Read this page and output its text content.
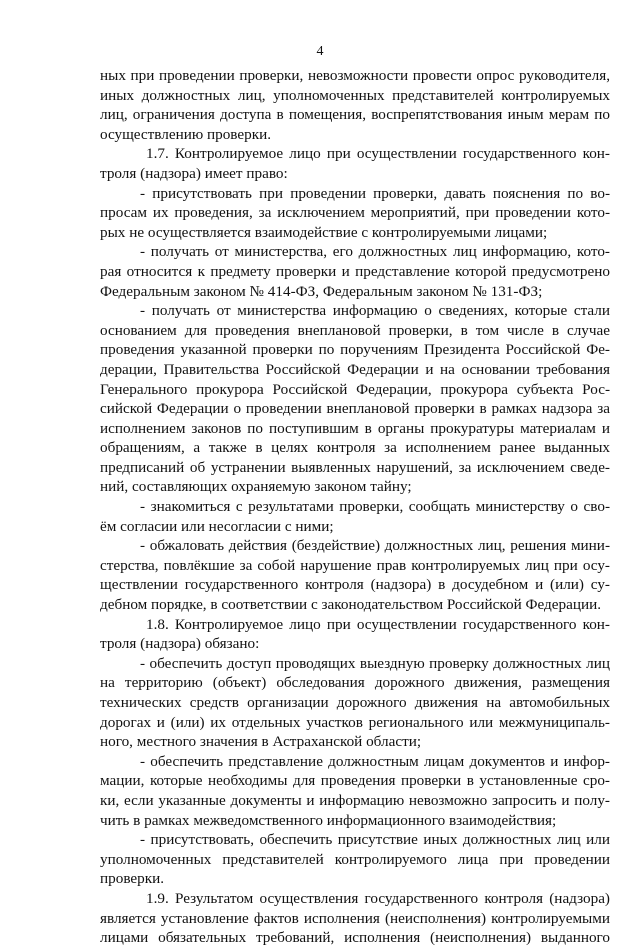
4
ных при проведении проверки, невозможности провести опрос руководителя,
иных должностных лиц, уполномоченных представителей контролируемых
лиц, ограничения доступа в помещения, воспрепятствования иным мерам по
осуществлению проверки.
1.7. Контролируемое лицо при осуществлении государственного кон-
троля (надзора) имеет право:
- присутствовать при проведении проверки, давать пояснения по во-
просам их проведения, за исключением мероприятий, при проведении кото-
рых не осуществляется взаимодействие с контролируемыми лицами;
- получать от министерства, его должностных лиц информацию, кото-
рая относится к предмету проверки и представление которой предусмотрено
Федеральным законом № 414-ФЗ, Федеральным законом № 131-ФЗ;
- получать от министерства информацию о сведениях, которые стали
основанием для проведения внеплановой проверки, в том числе в случае
проведения указанной проверки по поручениям Президента Российской Фе-
дерации, Правительства Российской Федерации и на основании требования
Генерального прокурора Российской Федерации, прокурора субъекта Рос-
сийской Федерации о проведении внеплановой проверки в рамках надзора за
исполнением законов по поступившим в органы прокуратуры материалам и
обращениям, а также в целях контроля за исполнением ранее выданных
предписаний об устранении выявленных нарушений, за исключением сведе-
ний, составляющих охраняемую законом тайну;
- знакомиться с результатами проверки, сообщать министерству о сво-
ём согласии или несогласии с ними;
- обжаловать действия (бездействие) должностных лиц, решения мини-
стерства, повлёкшие за собой нарушение прав контролируемых лиц при осу-
ществлении государственного контроля (надзора) в досудебном и (или) су-
дебном порядке, в соответствии с законодательством Российской Федерации.
1.8. Контролируемое лицо при осуществлении государственного кон-
троля (надзора) обязано:
- обеспечить доступ проводящих выездную проверку должностных лиц
на территорию (объект) обследования дорожного движения, размещения
технических средств организации дорожного движения на автомобильных
дорогах и (или) их отдельных участков регионального или межмуниципаль-
ного, местного значения в Астраханской области;
- обеспечить представление должностным лицам документов и инфор-
мации, которые необходимы для проведения проверки в установленные сро-
ки, если указанные документы и информацию невозможно запросить и полу-
чить в рамках межведомственного информационного взаимодействия;
- присутствовать, обеспечить присутствие иных должностных лиц или
уполномоченных представителей контролируемого лица при проведении
проверки.
1.9. Результатом осуществления государственного контроля (надзора)
является установление фактов исполнения (неисполнения) контролируемыми
лицами обязательных требований, исполнения (неисполнения) выданного
